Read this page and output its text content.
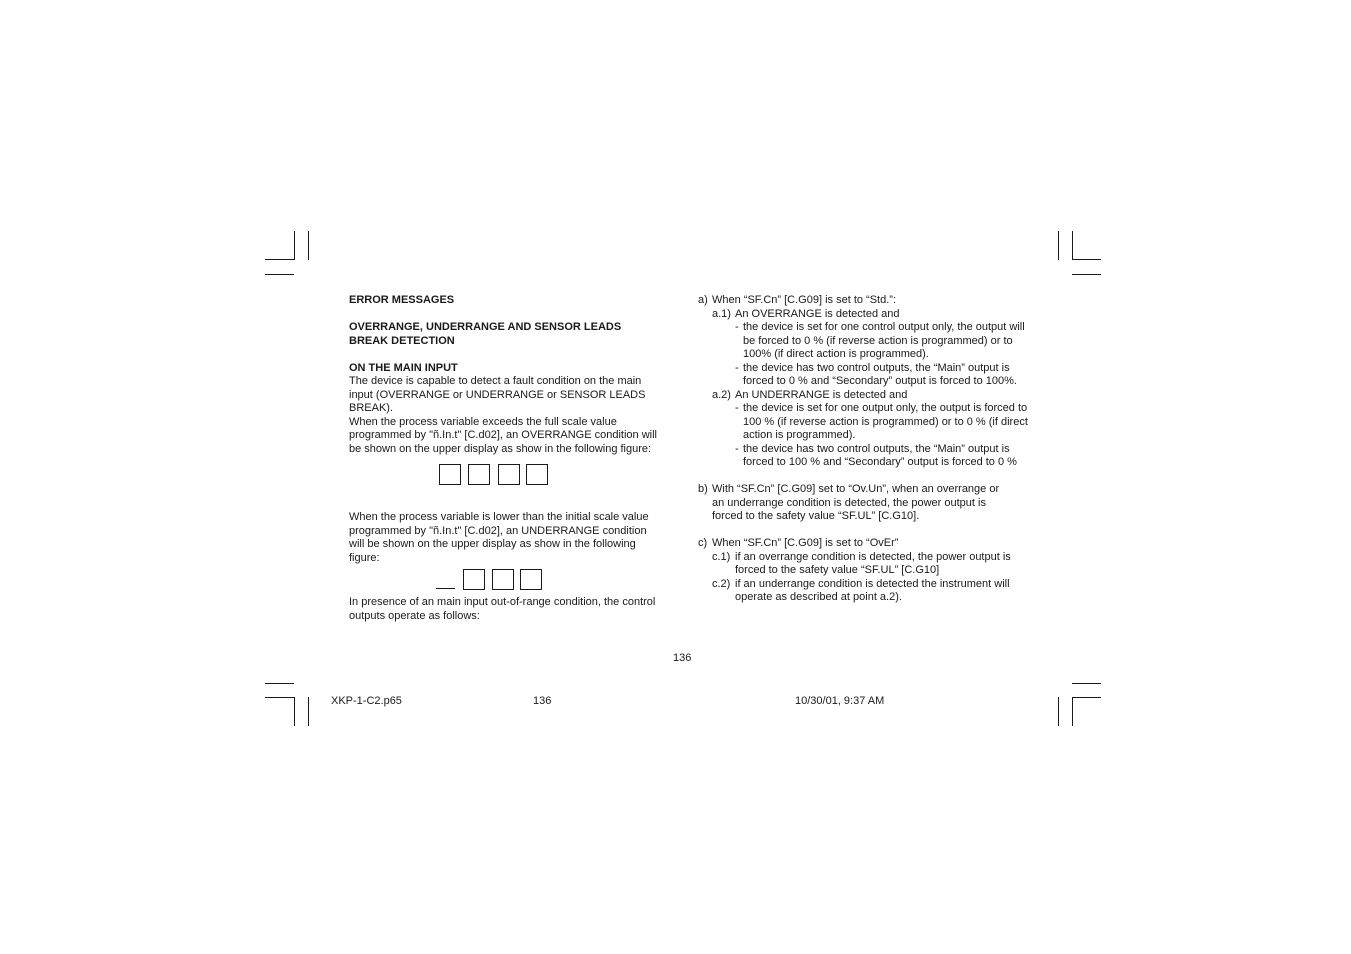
ERROR MESSAGES

OVERRANGE, UNDERRANGE AND SENSOR LEADS BREAK DETECTION

ON THE MAIN INPUT

The device is capable to detect a fault condition on the main input (OVERRANGE or UNDERRANGE or SENSOR LEADS BREAK).

When the process variable exceeds the full scale value programmed by "ñ.In.t" [C.d02], an OVERRANGE condition will be shown on the upper display as show in the following figure:

When the process variable is lower than the initial scale value programmed by "ñ.In.t" [C.d02], an UNDERRANGE condition will be shown on the upper display as show in the following figure:

In presence of an main input out-of-range condition, the control outputs operate as follows:

a) When “SF.Cn” [C.G09] is set to “Std.”:
a.1) An OVERRANGE is detected and
- the device is set for one control output only, the output will be forced to 0 % (if reverse action is programmed) or to 100% (if direct action is programmed).
- the device has two control outputs, the “Main” output is forced to 0 % and “Secondary” output is forced to 100%.
a.2) An UNDERRANGE is detected and
- the device is set for one output only, the output is forced to 100 % (if reverse action is programmed) or to 0 % (if direct action is programmed).
- the device has two control outputs, the “Main” output is forced to 100 % and “Secondary” output is forced to 0 %
b) With “SF.Cn” [C.G09] set to “Ov.Un”, when an overrange or an underrange condition is detected, the power output is forced to the safety value “SF.UL” [C.G10].
c) When “SF.Cn” [C.G09] is set to “OvEr”
c.1) if an overrange condition is detected, the power output is forced to the safety value “SF.UL” [C.G10]
c.2) if an underrange condition is detected the instrument will operate as described at point a.2).
136
XKP-1-C2.p65	136	10/30/01, 9:37 AM
